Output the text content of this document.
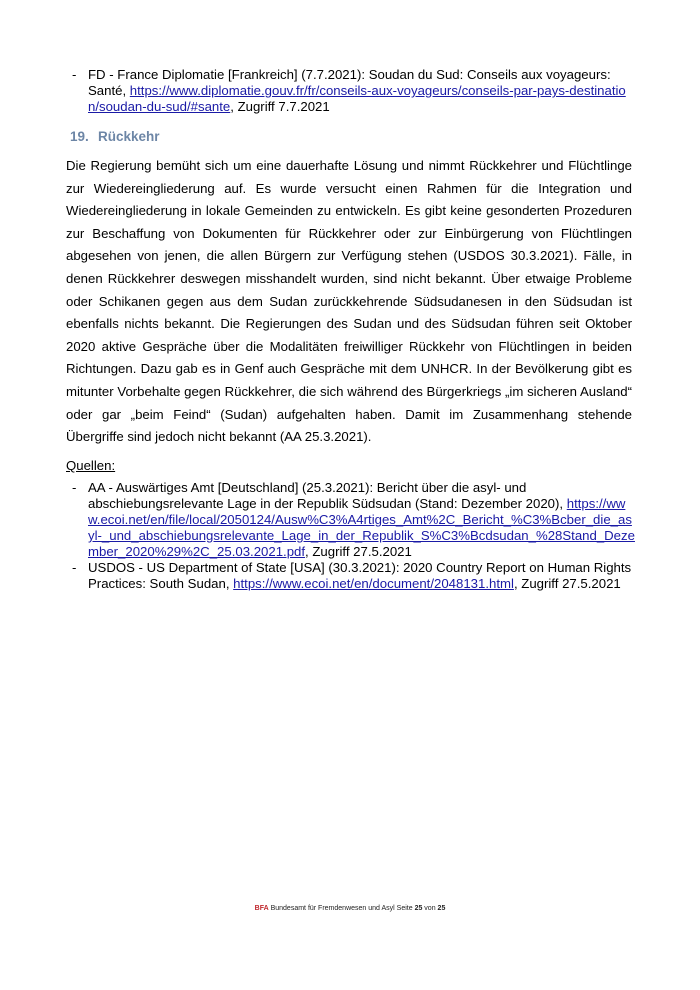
- FD - France Diplomatie [Frankreich] (7.7.2021): Soudan du Sud: Conseils aux voyageurs: Santé, https://www.diplomatie.gouv.fr/fr/conseils-aux-voyageurs/conseils-par-pays-destination/soudan-du-sud/#sante, Zugriff 7.7.2021
19. Rückkehr

Die Regierung bemüht sich um eine dauerhafte Lösung und nimmt Rückkehrer und Flüchtlinge zur Wiedereingliederung auf. Es wurde versucht einen Rahmen für die Integration und Wiedereingliederung in lokale Gemeinden zu entwickeln. Es gibt keine gesonderten Prozeduren zur Beschaffung von Dokumenten für Rückkehrer oder zur Einbürgerung von Flüchtlingen abgesehen von jenen, die allen Bürgern zur Verfügung stehen (USDOS 30.3.2021). Fälle, in denen Rückkehrer deswegen misshandelt wurden, sind nicht bekannt. Über etwaige Probleme oder Schikanen gegen aus dem Sudan zurückkehrende Südsudanesen in den Südsudan ist ebenfalls nichts bekannt. Die Regierungen des Sudan und des Südsudan führen seit Oktober 2020 aktive Gespräche über die Modalitäten freiwilliger Rückkehr von Flüchtlingen in beiden Richtungen. Dazu gab es in Genf auch Gespräche mit dem UNHCR. In der Bevölkerung gibt es mitunter Vorbehalte gegen Rückkehrer, die sich während des Bürgerkriegs „im sicheren Ausland“ oder gar „beim Feind“ (Sudan) aufgehalten haben. Damit im Zusammenhang stehende Übergriffe sind jedoch nicht bekannt (AA 25.3.2021).

Quellen:
- AA - Auswärtiges Amt [Deutschland] (25.3.2021): Bericht über die asyl- und abschiebungsrelevante Lage in der Republik Südsudan (Stand: Dezember 2020), https://www.ecoi.net/en/file/local/2050124/Ausw%C3%A4rtiges_Amt%2C_Bericht_%C3%Bcber_die_asyl-_und_abschiebungsrelevante_Lage_in_der_Republik_S%C3%Bcdsudan_%28Stand_Dezember_2020%29%2C_25.03.2021.pdf, Zugriff 27.5.2021
- USDOS - US Department of State [USA] (30.3.2021): 2020 Country Report on Human Rights Practices: South Sudan, https://www.ecoi.net/en/document/2048131.html, Zugriff 27.5.2021
BFA Bundesamt für Fremdenwesen und Asyl Seite 25 von 25
